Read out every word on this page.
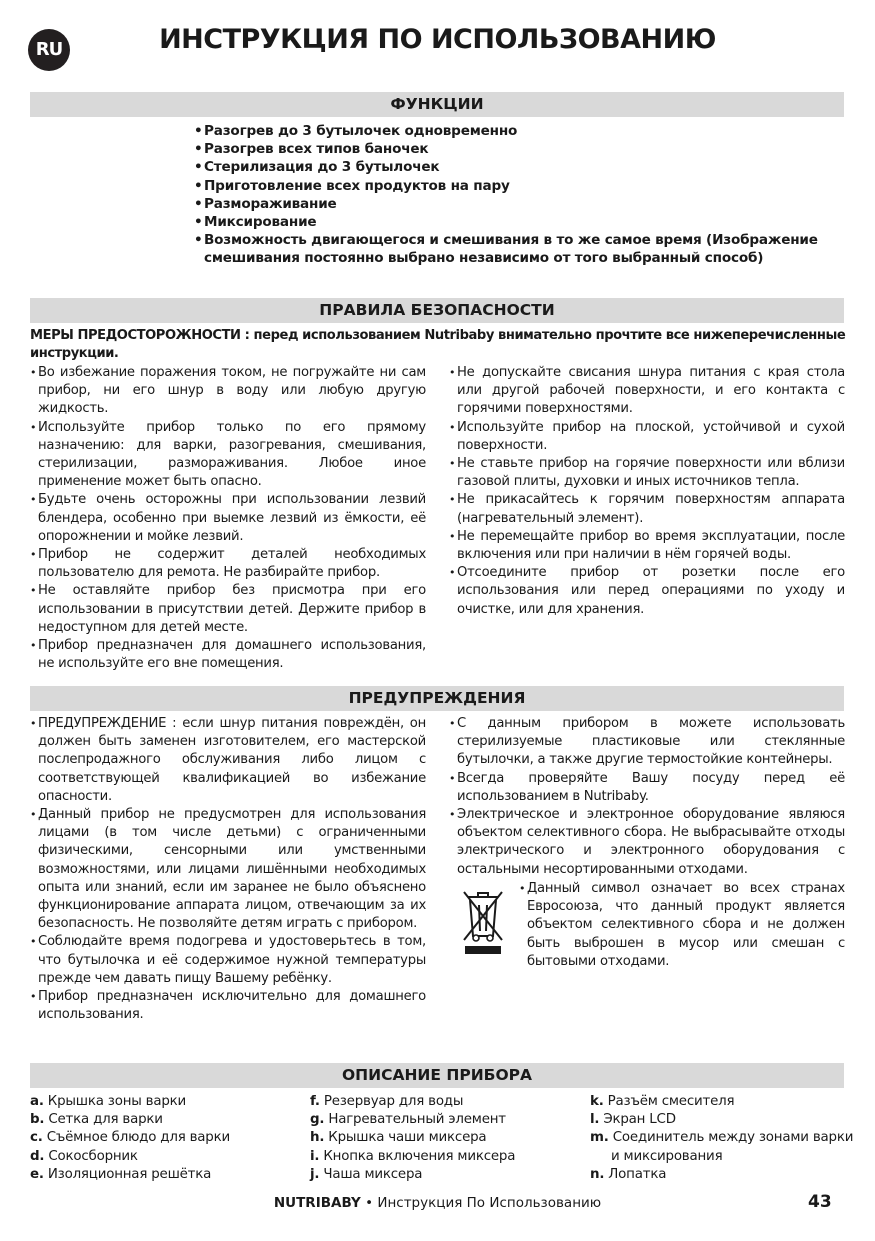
RU	ИНСТРУКЦИЯ ПО ИСПОЛЬЗОВАНИЮ
ФУНКЦИИ
• Разогрев до 3 бутылочек одновременно
• Разогрев всех типов баночек
• Стерилизация до 3 бутылочек
• Приготовление всех продуктов на пару
• Размораживание
• Миксирование
• Возможность двигающегося и смешивания в то же самое время (Изображение смешивания постоянно выбрано независимо от того выбранный способ)
ПРАВИЛА БЕЗОПАСНОСТИ

МЕРЫ ПРЕДОСТОРОЖНОСТИ : перед использованием Nutribaby внимательно прочтите все нижеперечисленные инструкции.

• Во избежание поражения током, не погружайте ни сам прибор, ни его шнур в воду или любую другую жидкость.
• Используйте прибор только по его прямому назначению: для варки, разогревания, смешивания, стерилизации, размораживания. Любое иное применение может быть опасно.
• Будьте очень осторожны при использовании лезвий блендера, особенно при выемке лезвий из ёмкости, её опорожнении и мойке лезвий.
• Прибор не содержит деталей необходимых пользователю для ремота. Не разбирайте прибор.
• Не оставляйте прибор без присмотра при его использовании в присутствии детей. Держите прибор в недоступном для детей месте.
• Прибор предназначен для домашнего использования, не используйте его вне помещения.
• Не допускайте свисания шнура питания с края стола или другой рабочей поверхности, и его контакта с горячими поверхностями.
• Используйте прибор на плоской, устойчивой и сухой поверхности.
• Не ставьте прибор на горячие поверхности или вблизи газовой плиты, духовки и иных источников тепла.
• Не прикасайтесь к горячим поверхностям аппарата (нагревательный элемент).
• Не перемещайте прибор во время эксплуатации, после включения или при наличии в нём горячей воды.
• Отсоедините прибор от розетки после его использования или перед операциями по уходу и очистке, или для хранения.
ПРЕДУПРЕЖДЕНИЯ
• ПРЕДУПРЕЖДЕНИЕ : если шнур питания повреждён, он должен быть заменен изготовителем, его мастерской послепродажного обслуживания либо лицом с соответствующей квалификацией во избежание опасности.
• Данный прибор не предусмотрен для использования лицами (в том числе детьми) с ограниченными физическими, сенсорными или умственными возможностями, или лицами лишёнными необходимых опыта или знаний, если им заранее не было объяснено функционирование аппарата лицом, отвечающим за их безопасность. Не позволяйте детям играть с прибором.
• Соблюдайте время подогрева и удостоверьтесь в том, что бутылочка и её содержимое нужной температуры прежде чем давать пищу Вашему ребёнку.
• Прибор предназначен исключительно для домашнего использования.
• С данным прибором в можете использовать стерилизуемые пластиковые или стеклянные бутылочки, а также другие термостойкие контейнеры.
• Всегда проверяйте Вашу посуду перед её использованием в Nutribaby.
• Электрическое и электронное оборудование являюся объектом селективного сбора. Не выбрасывайте отходы электрического и электронного оборудования с остальными несортированными отходами.

• Данный символ означает во всех странах Евросоюза, что данный продукт является объектом селективного сбора и не должен быть выброшен в мусор или смешан с бытовыми отходами.

ОПИСАНИЕ ПРИБОРА
a. Крышка зоны варки
b. Сетка для варки
c. Съёмное блюдо для варки
d. Сокосборник
e. Изоляционная решётка
f. Резервуар для воды
g. Нагревательный элемент
h. Крышка чаши миксера
i. Кнопка включения миксера
j. Чаша миксера
k. Разъём смесителя
l. Экран LCD
m. Соединитель между зонами варки
и миксирования
n. Лопатка
NUTRIBABY • Инструкция По Использованию	43
